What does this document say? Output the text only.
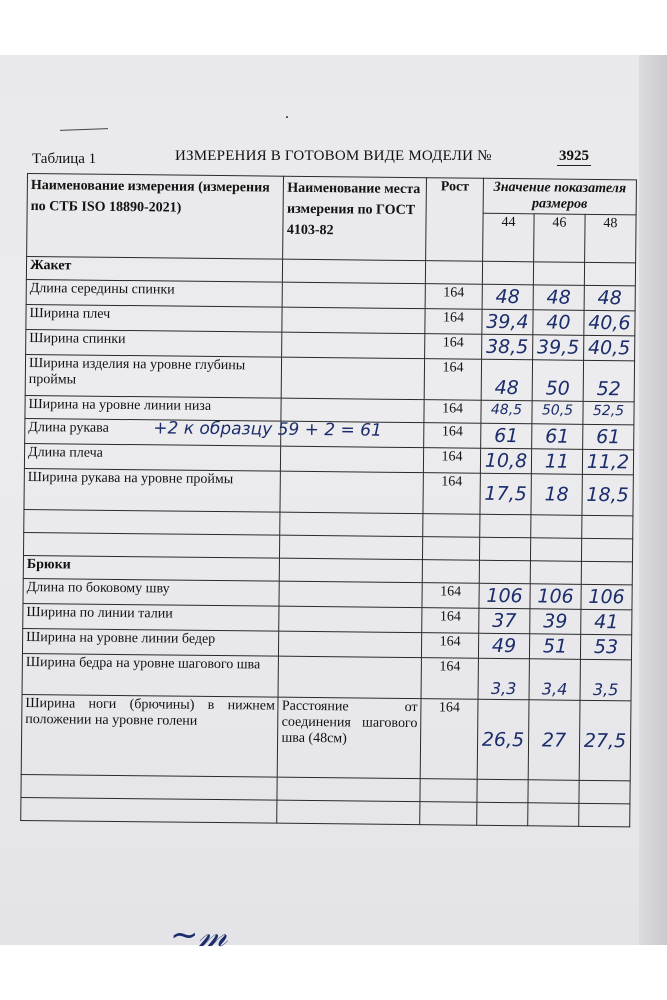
.
Таблица 1	ИЗМЕРЕНИЯ В ГОТОВОМ ВИДЕ МОДЕЛИ №	3925
Наименование измерения (измерения по СТБ ISO 18890-2021)	Наименование места измерения по ГОСТ 4103-82	Рост	Значение показателя
размеров		
			44	46	48
Жакет					
Длина середины спинки		164	48	48	48
Ширина плеч		164	39,4	40	40,6
Ширина спинки		164	38,5	39,5	40,5
Ширина изделия на уровне глубины проймы		164	48	50	52
Ширина на уровне линии низа		164	48,5	50,5	52,5
Длина рукава +2 к образцу 59 + 2 = 61		164	61	61	61
Длина плеча		164	10,8	11	11,2
Ширина рукава на уровне проймы		164	17,5	18	18,5

Брюки					
Длина по боковому шву		164	106	106	106
Ширина по линии талии		164	37	39	41
Ширина на уровне линии бедер		164	49	51	53
Ширина бедра на уровне шагового шва		164	3,3	3,4	3,5
Ширина ноги (брючины) в нижнем положении на уровне голени	Расстояние от соединения шагового шва (48см)	164	26,5	27	27,5

~𝓂
